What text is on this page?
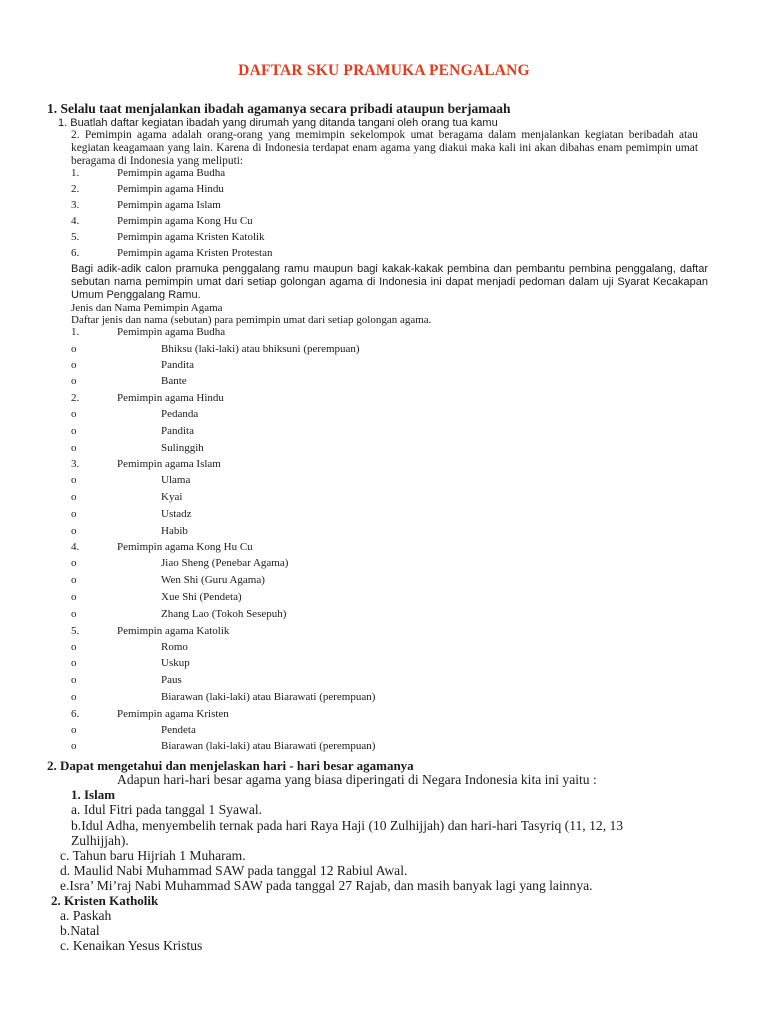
DAFTAR SKU PRAMUKA PENGALANG
1. Selalu taat menjalankan ibadah agamanya secara pribadi ataupun berjamaah
1. Buatlah daftar kegiatan ibadah yang dirumah yang ditanda tangani oleh orang tua kamu
2. Pemimpin agama adalah orang-orang yang memimpin sekelompok umat beragama dalam menjalankan kegiatan beribadah atau kegiatan keagamaan yang lain. Karena di Indonesia terdapat enam agama yang diakui maka kali ini akan dibahas enam pemimpin umat beragama di Indonesia yang meliputi:
1.	Pemimpin agama Budha
2.	Pemimpin agama Hindu
3.	Pemimpin agama Islam
4.	Pemimpin agama Kong Hu Cu
5.	Pemimpin agama Kristen Katolik
6.	Pemimpin agama Kristen Protestan
Bagi adik-adik calon pramuka penggalang ramu maupun bagi kakak-kakak pembina dan pembantu pembina penggalang, daftar sebutan nama pemimpin umat dari setiap golongan agama di Indonesia ini dapat menjadi pedoman dalam uji Syarat Kecakapan Umum Penggalang Ramu.
Jenis dan Nama Pemimpin Agama
Daftar jenis dan nama (sebutan) para pemimpin umat dari setiap golongan agama.
1.	Pemimpin agama Budha
o	Bhiksu (laki-laki) atau bhiksuni (perempuan)
o	Pandita
o	Bante
2.	Pemimpin agama Hindu
o	Pedanda
o	Pandita
o	Sulinggih
3.	Pemimpin agama Islam
o	Ulama
o	Kyai
o	Ustadz
o	Habib
4.	Pemimpin agama Kong Hu Cu
o	Jiao Sheng (Penebar Agama)
o	Wen Shi (Guru Agama)
o	Xue Shi (Pendeta)
o	Zhang Lao (Tokoh Sesepuh)
5.	Pemimpin agama Katolik
o	Romo
o	Uskup
o	Paus
o	Biarawan (laki-laki) atau Biarawati (perempuan)
6.	Pemimpin agama Kristen
o	Pendeta
o	Biarawan (laki-laki) atau Biarawati (perempuan)
2. Dapat mengetahui dan menjelaskan hari - hari besar agamanya
Adapun hari-hari besar agama yang biasa diperingati di Negara Indonesia kita ini yaitu :
1. Islam
a. Idul Fitri pada tanggal 1 Syawal.
b.Idul Adha, menyembelih ternak pada hari Raya Haji (10 Zulhijjah) dan hari-hari Tasyriq (11, 12, 13
Zulhijjah).
c. Tahun baru Hijriah 1 Muharam.
d. Maulid Nabi Muhammad SAW pada tanggal 12 Rabiul Awal.
e.Isra’ Mi’raj Nabi Muhammad SAW pada tanggal 27 Rajab, dan masih banyak lagi yang lainnya.
2. Kristen Katholik
a. Paskah
b.Natal
c. Kenaikan Yesus Kristus
